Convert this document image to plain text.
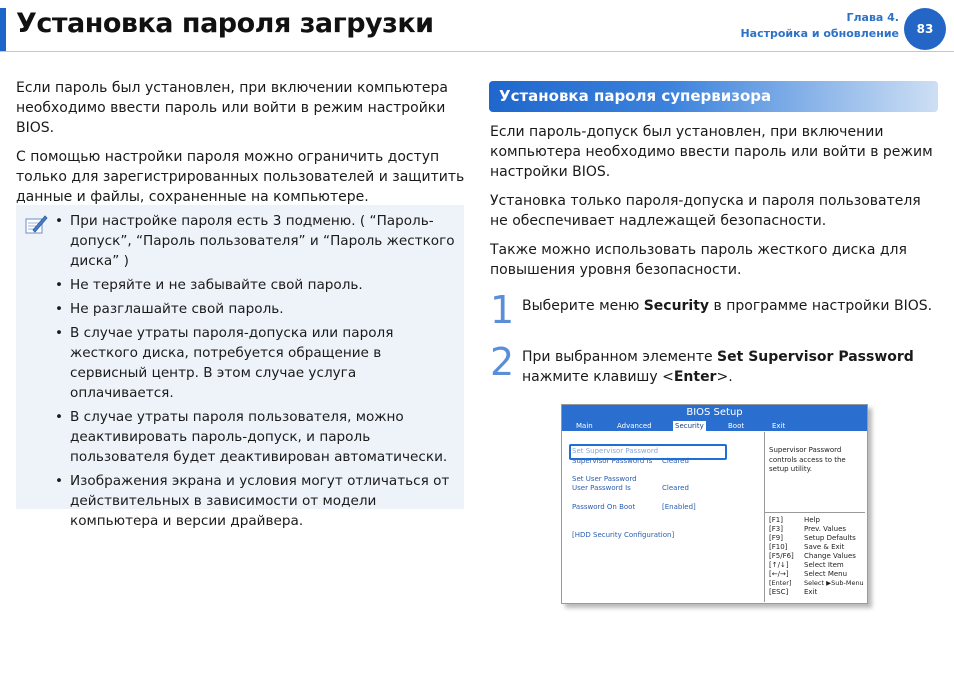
Установка пароля загрузки	Глава 4.
Настройка и обновление	83

Если пароль был установлен, при включении компьютера необходимо ввести пароль или войти в режим настройки BIOS.

С помощью настройки пароля можно ограничить доступ только для зарегистрированных пользователей и защитить данные и файлы, сохраненные на компьютере.

• При настройке пароля есть 3 подменю. ( “Пароль-допуск”, “Пароль пользователя” и “Пароль жесткого диска” )
• Не теряйте и не забывайте свой пароль.
• Не разглашайте свой пароль.
• В случае утраты пароля-допуска или пароля жесткого диска, потребуется обращение в сервисный центр. В этом случае услуга оплачивается.
• В случае утраты пароля пользователя, можно деактивировать пароль-допуск, и пароль пользователя будет деактивирован автоматически.
• Изображения экрана и условия могут отличаться от действительных в зависимости от модели компьютера и версии драйвера.
Установка пароля супервизора

Если пароль-допуск был установлен, при включении компьютера необходимо ввести пароль или войти в режим настройки BIOS.

Установка только пароля-допуска и пароля пользователя не обеспечивает надлежащей безопасности.

Также можно использовать пароль жесткого диска для повышения уровня безопасности.

1 Выберите меню Security в программе настройки BIOS.
2 При выбранном элементе Set Supervisor Password
нажмите клавишу <Enter>.
BIOS Setup
Main	Advanced	Security	Boot	Exit
Set Supervisor Password
Supervisor Password Is Cleared
Set User Password
User Password Is	Cleared
Password On Boot	[Enabled]
[HDD Security Configuration]
Supervisor Password controls access to the setup utility.
[F1]	Help
[F3]	Prev. Values
[F9]	Setup Defaults
[F10] Save & Exit
[F5/F6] Change Values
[↑/↓] Select Item
[←/→] Select Menu
[Enter] Select ▶Sub-Menu
[ESC] Exit
